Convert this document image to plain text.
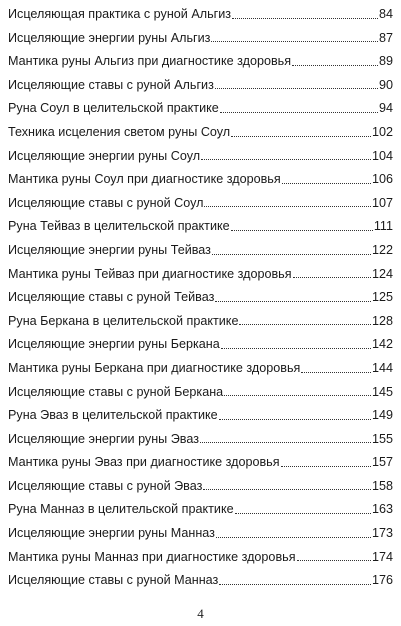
Исцеляющая практика с руной Альгиз	84
Исцеляющие энергии руны Альгиз	87
Мантика руны Альгиз при диагностике здоровья	89
Исцеляющие ставы с руной Альгиз	90
Руна Соул в целительской практике	94
Техника исцеления светом руны Соул	102
Исцеляющие энергии руны Соул	104
Мантика руны Соул при диагностике здоровья	106
Исцеляющие ставы с руной Соул	107
Руна Тейваз в целительской практике	111
Исцеляющие энергии руны Тейваз	122
Мантика руны Тейваз при диагностике здоровья	124
Исцеляющие ставы с руной Тейваз	125
Руна Беркана в целительской практике	128
Исцеляющие энергии руны Беркана	142
Мантика руны Беркана при диагностике здоровья	144
Исцеляющие ставы с руной Беркана	145
Руна Эваз в целительской практике	149
Исцеляющие энергии руны Эваз	155
Мантика руны Эваз при диагностике здоровья	157
Исцеляющие ставы с руной Эваз	158
Руна Манназ в целительской практике	163
Исцеляющие энергии руны Манназ	173
Мантика руны Манназ при диагностике здоровья	174
Исцеляющие ставы с руной Манназ	176
4
